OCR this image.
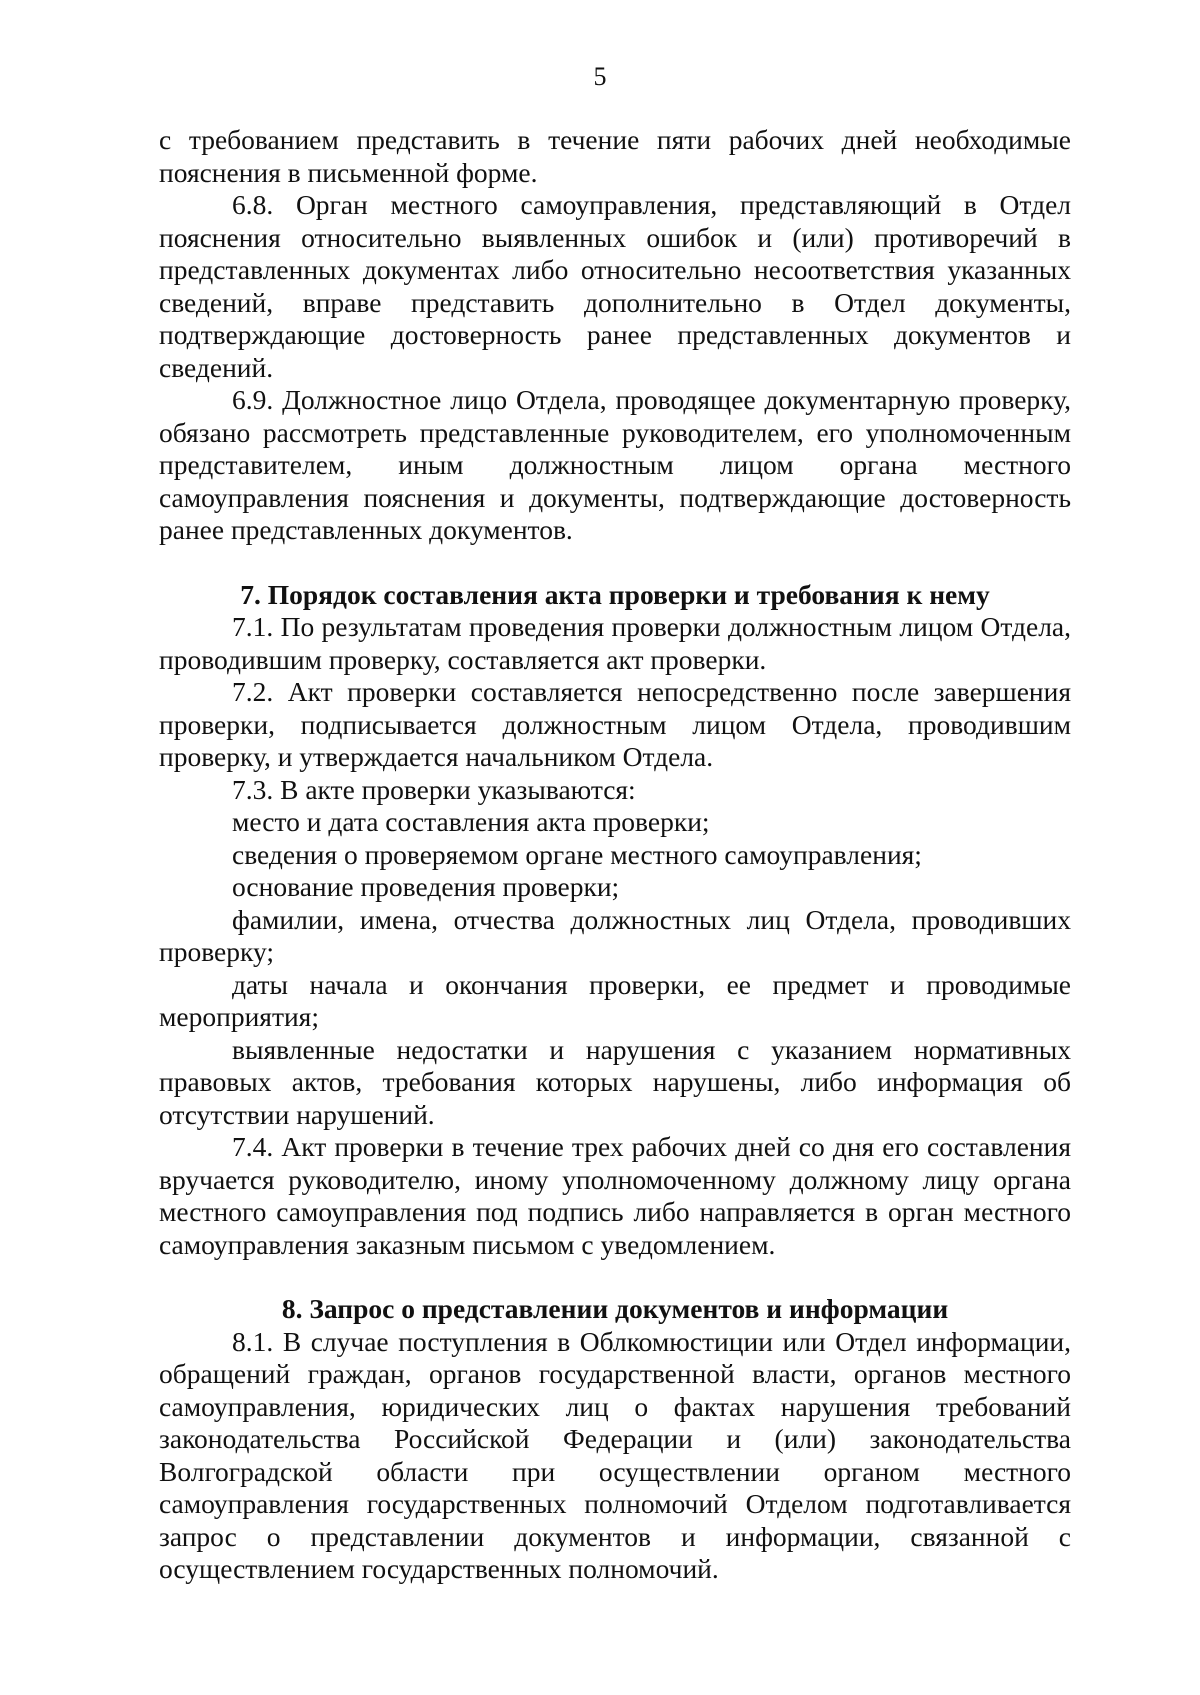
5

с требованием представить в течение пяти рабочих дней необходимые пояснения в письменной форме.

6.8. Орган местного самоуправления, представляющий в Отдел пояснения относительно выявленных ошибок и (или) противоречий в представленных документах либо относительно несоответствия указанных сведений, вправе представить дополнительно в Отдел документы, подтверждающие достоверность ранее представленных документов и сведений.

6.9. Должностное лицо Отдела, проводящее документарную проверку, обязано рассмотреть представленные руководителем, его уполномоченным представителем, иным должностным лицом органа местного самоуправления пояснения и документы, подтверждающие достоверность ранее представленных документов.

7. Порядок составления акта проверки и требования к нему

7.1. По результатам проведения проверки должностным лицом Отдела, проводившим проверку, составляется акт проверки.

7.2. Акт проверки составляется непосредственно после завершения проверки, подписывается должностным лицом Отдела, проводившим проверку, и утверждается начальником Отдела.

7.3. В акте проверки указываются:

место и дата составления акта проверки;

сведения о проверяемом органе местного самоуправления;

основание проведения проверки;

фамилии, имена, отчества должностных лиц Отдела, проводивших проверку;

даты начала и окончания проверки, ее предмет и проводимые мероприятия;

выявленные недостатки и нарушения с указанием нормативных правовых актов, требования которых нарушены, либо информация об отсутствии нарушений.

7.4. Акт проверки в течение трех рабочих дней со дня его составления вручается руководителю, иному уполномоченному должному лицу органа местного самоуправления под подпись либо направляется в орган местного самоуправления заказным письмом с уведомлением.

8. Запрос о представлении документов и информации

8.1. В случае поступления в Облкомюстиции или Отдел информации, обращений граждан, органов государственной власти, органов местного самоуправления, юридических лиц о фактах нарушения требований законодательства Российской Федерации и (или) законодательства Волгоградской области при осуществлении органом местного самоуправления государственных полномочий Отделом подготавливается запрос о представлении документов и информации, связанной с осуществлением государственных полномочий.
